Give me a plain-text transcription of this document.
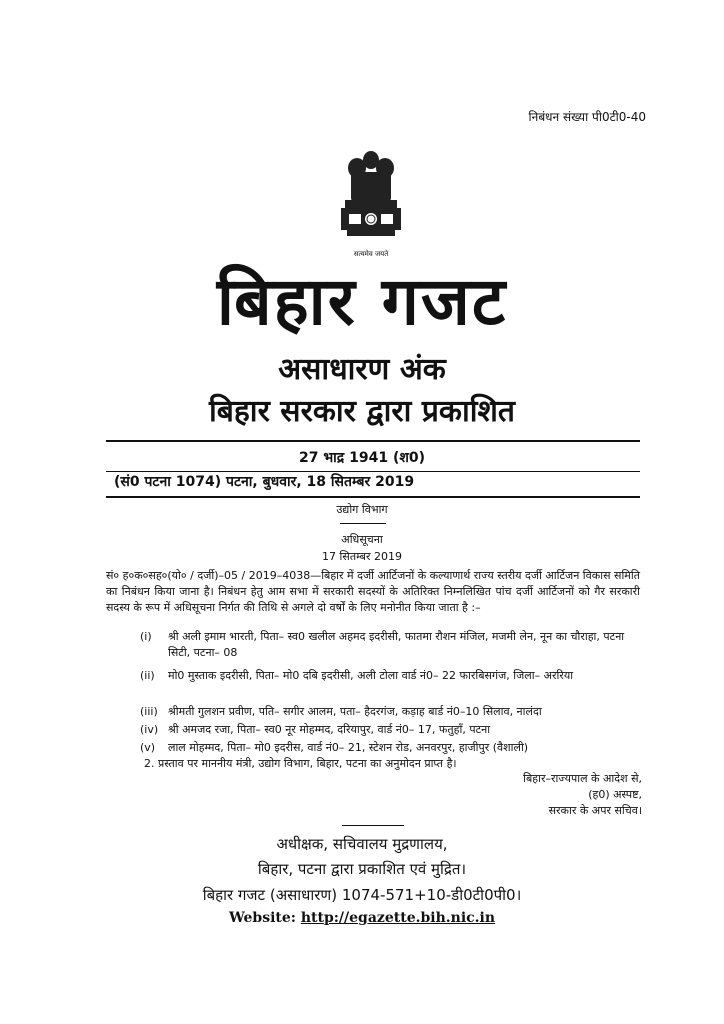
निबंधन संख्या पी0टी0-40
सत्यमेव जयते
बिहार गजट
असाधारण अंक
बिहार सरकार द्वारा प्रकाशित
27 भाद्र 1941 (श0)
(सं0 पटना 1074) पटना, बुधवार, 18 सितम्बर 2019
उद्योग विभाग
अधिसूचना
17 सितम्बर 2019
सं० ह०क०सह०(यो० / दर्जी)–05 / 2019–4038—बिहार में दर्जी आर्टिजनों के कल्याणार्थ राज्य स्तरीय दर्जी आर्टिजन विकास समिति का निबंधन किया जाना है। निबंधन हेतु आम सभा में सरकारी सदस्यों के अतिरिक्त निम्नलिखित पांच दर्जी आर्टिजनों को गैर सरकारी सदस्य के रूप में अधिसूचना निर्गत की तिथि से अगले दो वर्षों के लिए मनोनीत किया जाता है :–
(i)	श्री अली इमाम भारती, पिता– स्व0 खलील अहमद इदरीसी, फातमा रौशन मंजिल, मजमी लेन, नून का चौराहा, पटना सिटी, पटना– 08
(ii)	मो0 मुस्ताक इदरीसी, पिता– मो0 दबि इदरीसी, अली टोला वार्ड नं0– 22 फारबिसगंज, जिला– अररिया
(iii) श्रीमती गुलशन प्रवीण, पति– सगीर आलम, पता– हैदरगंज, कड़ाह बार्ड नं0–10 सिलाव, नालंदा
(iv) श्री अमजद रजा, पिता– स्व0 नूर मोहम्मद, दरियापुर, वार्ड नं0– 17, फतुहाँ, पटना
(v)	लाल मोहम्मद, पिता– मो0 इदरीस, वार्ड नं0– 21, स्टेशन रोड, अनवरपुर, हाजीपुर (वैशाली)
2. प्रस्ताव पर माननीय मंत्री, उद्योग विभाग, बिहार, पटना का अनुमोदन प्राप्त है।
बिहार–राज्यपाल के आदेश से,
(ह0) अस्पष्ट,
सरकार के अपर सचिव।
अधीक्षक, सचिवालय मुद्रणालय,
बिहार, पटना द्वारा प्रकाशित एवं मुद्रित।
बिहार गजट (असाधारण) 1074-571+10-डी0टी0पी0।
Website: http://egazette.bih.nic.in
